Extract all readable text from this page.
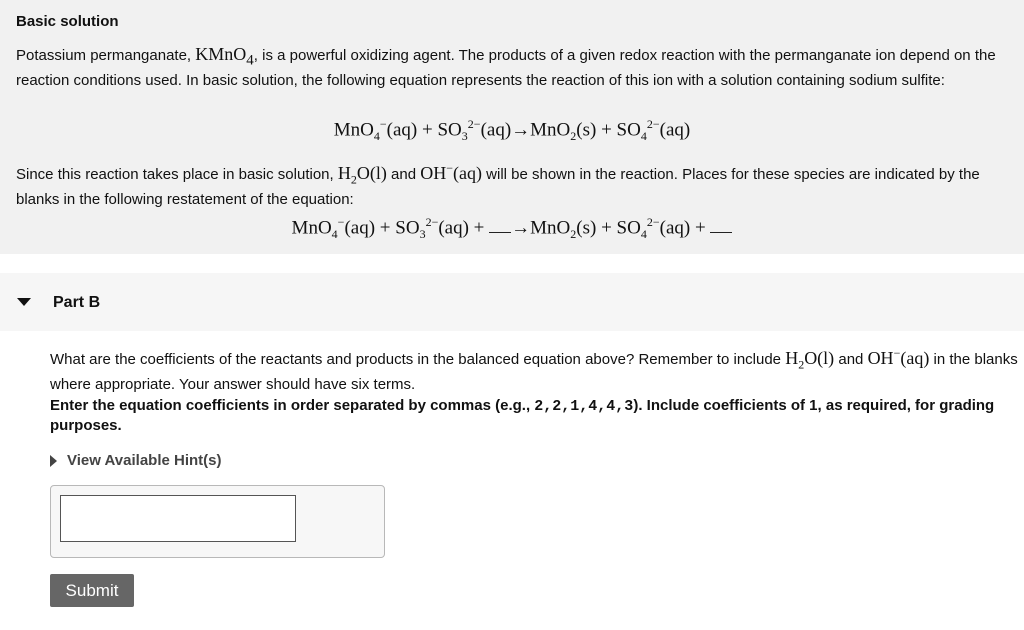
Basic solution
Potassium permanganate, KMnO$_4$, is a powerful oxidizing agent. The products of a given redox reaction with the permanganate ion depend on the reaction conditions used. In basic solution, the following equation represents the reaction of this ion with a solution containing sodium sulfite:
$MnO_4^-(aq) + SO_3^{2-}(aq)\to MnO_2(s) + SO_4^{2-}(aq)$
Since this reaction takes place in basic solution, $H_2O(l)$ and OH−(aq) will be shown in the reaction. Places for these species are indicated by the blanks in the following restatement of the equation:
$MnO_4^-(aq) + SO_3^{2-}(aq) + \to MnO_2(s) + SO_4^{2-}(aq)$ +
Part B
What are the coefficients of the reactants and products in the balanced equation above? Remember to include $H_2O(l)$ and OH−(aq) in the blanks where appropriate. Your answer should have six terms.
Enter the equation coefficients in order separated by commas (e.g., 2,2,1,4,4,3). Include coefficients of 1, as required, for grading purposes.
View Available Hint(s)
Submit
